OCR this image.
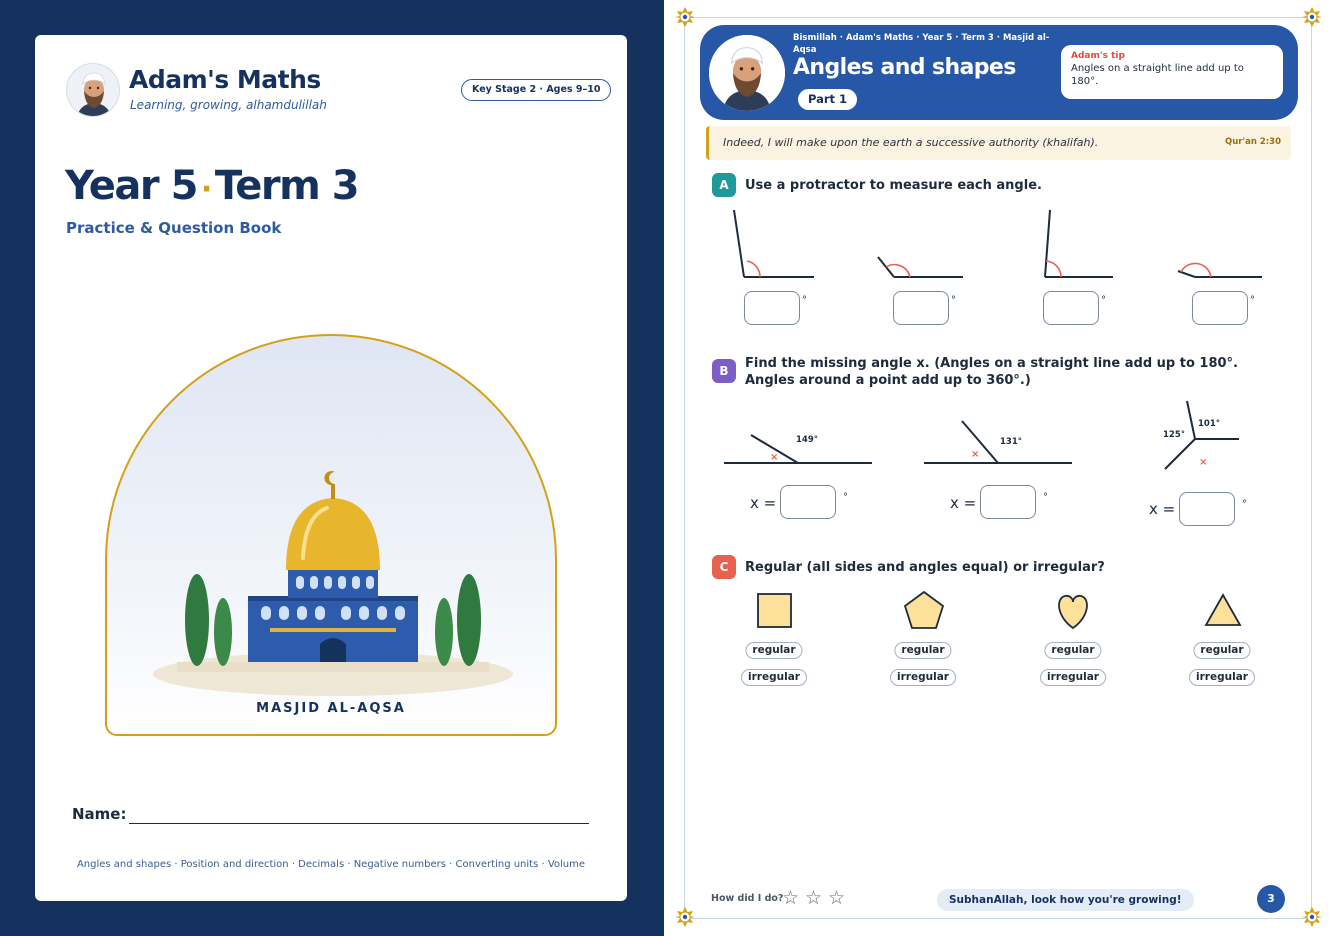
Adam's Maths
Learning, growing, alhamdulillah
Key Stage 2 · Ages 9–10
Year 5 · Term 3
Practice & Question Book
MASJID AL-AQSA
Name:
Angles and shapes · Position and direction · Decimals · Negative numbers · Converting units · Volume
Bismillah · Adam's Maths · Year 5 · Term 3 · Masjid al-Aqsa
Angles and shapes
Part 1
Adam's tip
Angles on a straight line add up to 180°.
Indeed, I will make upon the earth a successive authority (khalifah).	Qur'an 2:30
A	Use a protractor to measure each angle.
°	°	°	°
B	Find the missing angle x. (Angles on a straight line add up to 180°. Angles around a point add up to 360°.)
149°
×
131°
×
101°
125°
×
x =	°	x =	°
x =	°
C	Regular (all sides and angles equal) or irregular?
regular
irregular
regular
irregular
regular
irregular
regular
irregular
How did I do?
☆ ☆ ☆	SubhanAllah, look how you're growing!	3
